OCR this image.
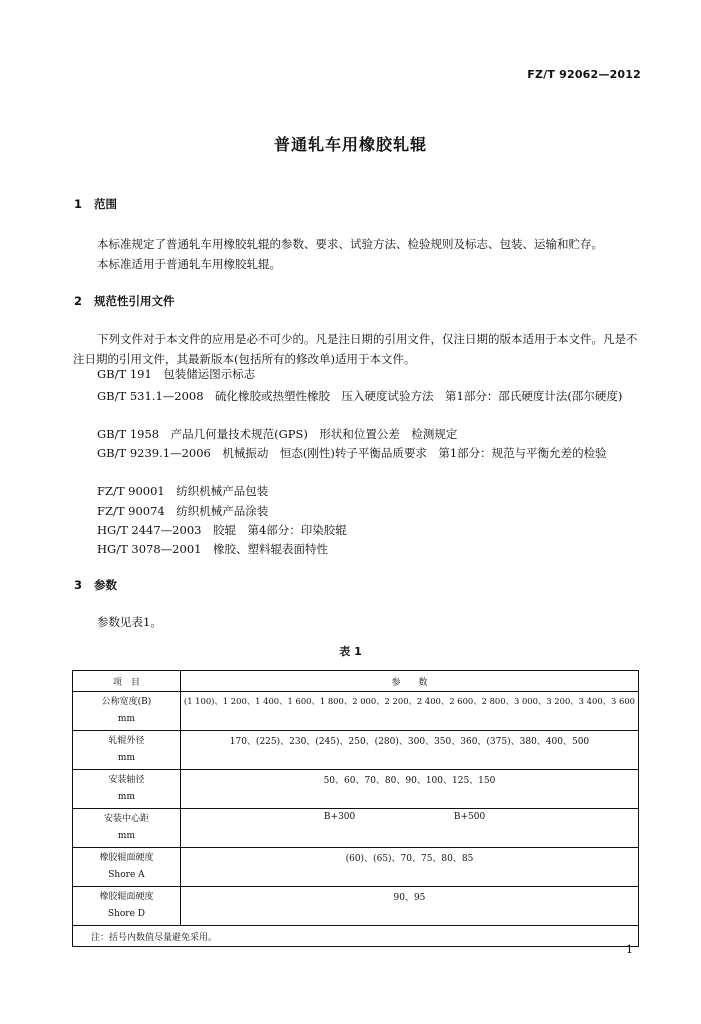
FZ/T 92062—2012
普通轧车用橡胶轧辊
1 范围
本标准规定了普通轧车用橡胶轧辊的参数、要求、试验方法、检验规则及标志、包装、运输和贮存。
本标准适用于普通轧车用橡胶轧辊。
2 规范性引用文件
下列文件对于本文件的应用是必不可少的。凡是注日期的引用文件，仅注日期的版本适用于本文件。凡是不注日期的引用文件，其最新版本(包括所有的修改单)适用于本文件。
GB/T 191　包装储运图示标志
GB/T 531.1—2008　硫化橡胶或热塑性橡胶　压入硬度试验方法　第1部分：邵氏硬度计法(邵尔硬度)
GB/T 1958　产品几何量技术规范(GPS)　形状和位置公差　检测规定
GB/T 9239.1—2006　机械振动　恒态(刚性)转子平衡品质要求　第1部分：规范与平衡允差的检验
FZ/T 90001　纺织机械产品包装
FZ/T 90074　纺织机械产品涂装
HG/T 2447—2003　胶辊　第4部分：印染胶辊
HG/T 3078—2001　橡胶、塑料辊表面特性
3 参数
参数见表1。
表 1
项　目	参　　数

公称宽度(B)
mm	(1 100)、1 200、1 400、1 600、1 800、2 000、2 200、2 400、2 600、2 800、3 000、3 200、3 400、3 600

轧辊外径
mm	170、(225)、230、(245)、250、(280)、300、350、360、(375)、380、400、500

安装轴径
mm	50、60、70、80、90、100、125、150

安装中心距
mm	B+300 B+500

橡胶辊面硬度
Shore A	(60)、(65)、70、75、80、85

橡胶辊面硬度
Shore D	90、95
注：括号内数值尽量避免采用。	
1
